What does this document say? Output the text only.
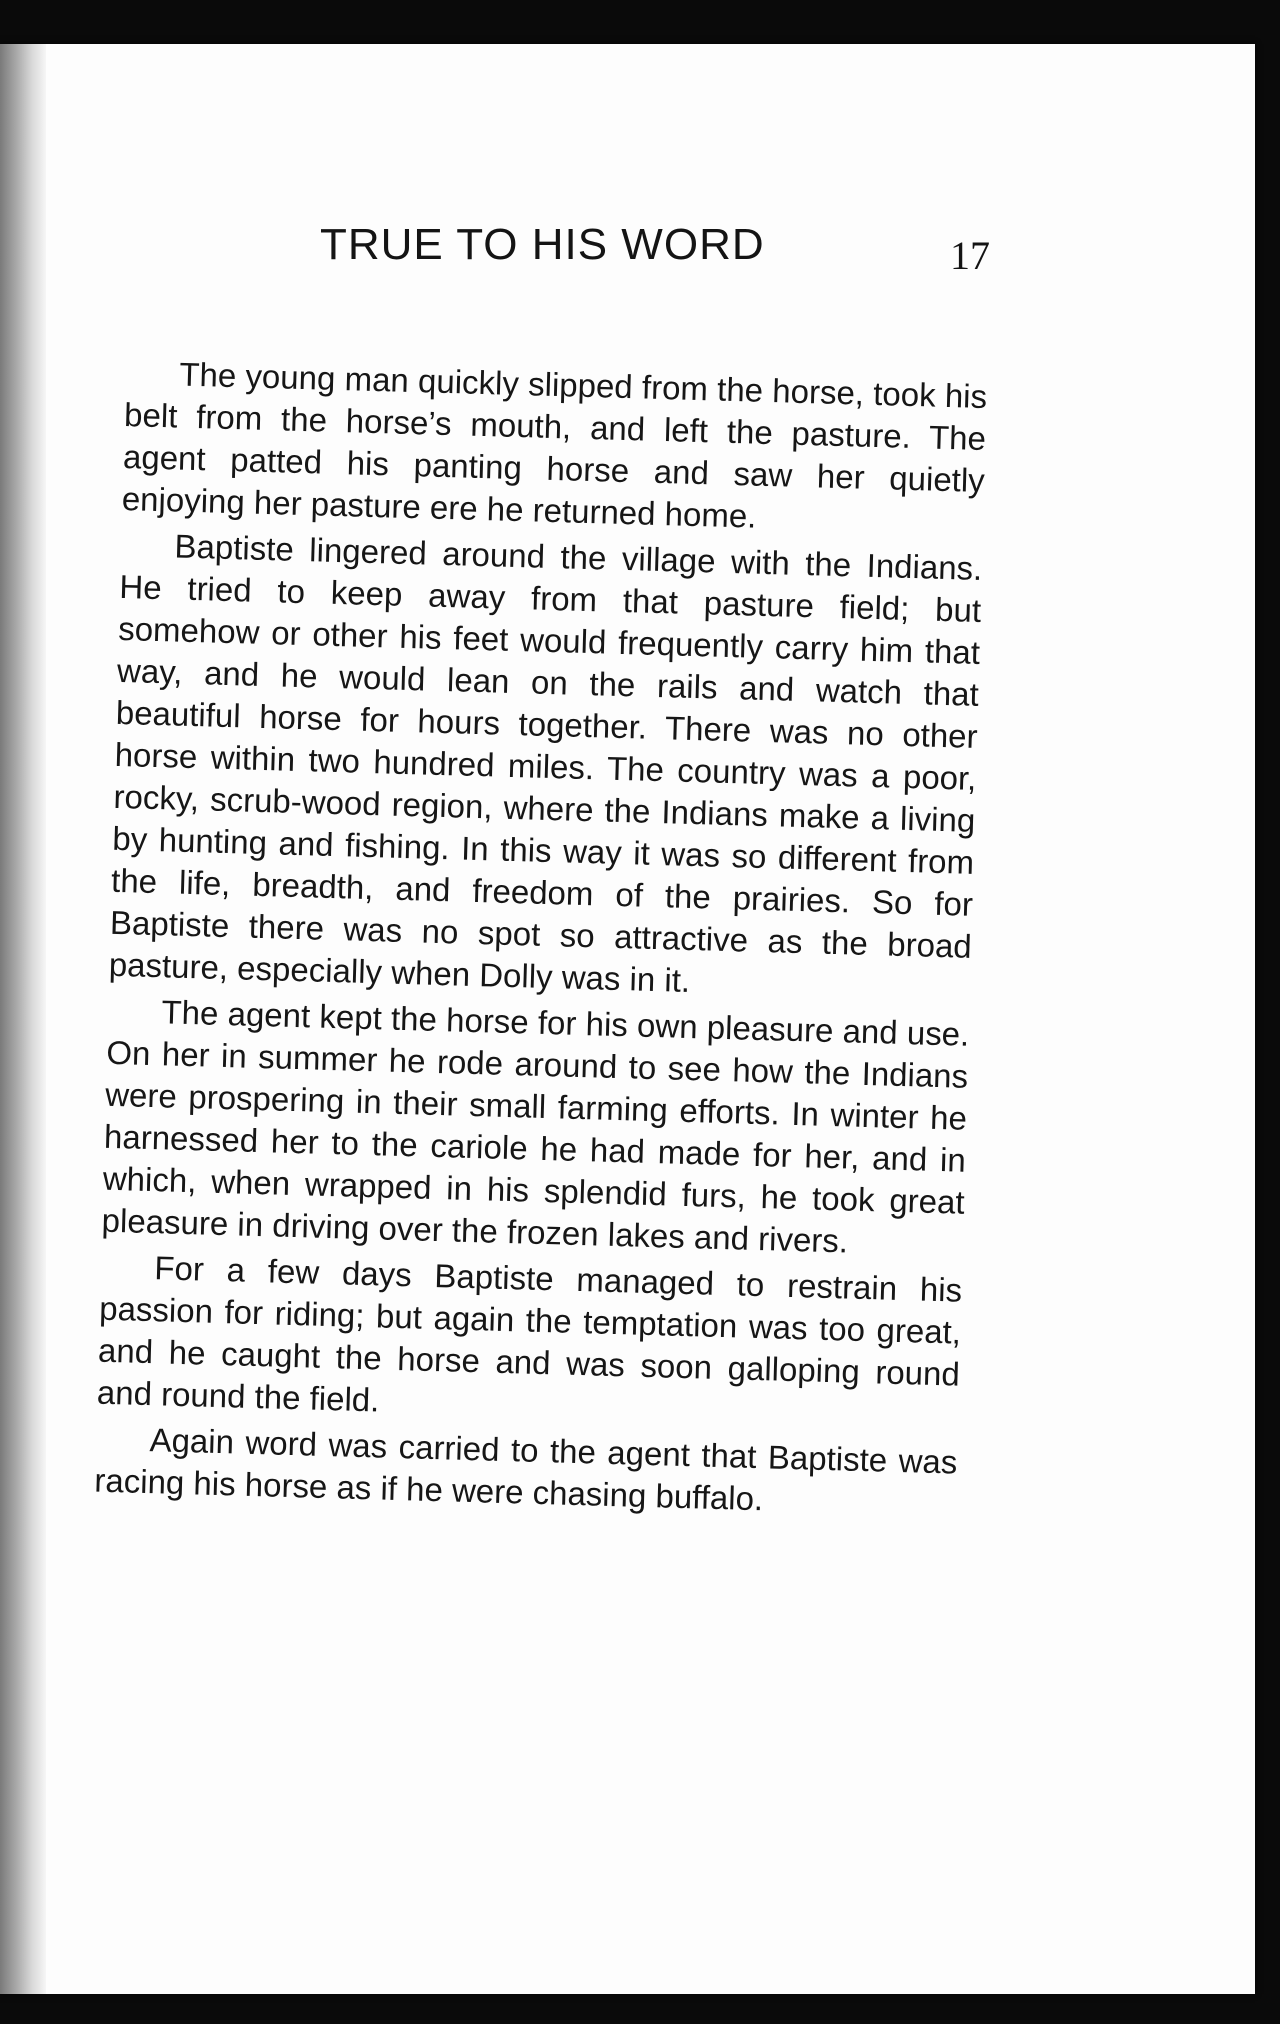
TRUE TO HIS WORD	17

The young man quickly slipped from the horse, took his belt from the horse’s mouth, and left the pasture. The agent patted his panting horse and saw her quietly enjoying her pasture ere he returned home.

Baptiste lingered around the village with the Indians. He tried to keep away from that pasture field; but somehow or other his feet would frequently carry him that way, and he would lean on the rails and watch that beautiful horse for hours together. There was no other horse within two hundred miles. The country was a poor, rocky, scrub-wood region, where the Indians make a living by hunting and fishing. In this way it was so different from the life, breadth, and freedom of the prairies. So for Baptiste there was no spot so attractive as the broad pasture, especially when Dolly was in it.

The agent kept the horse for his own pleasure and use. On her in summer he rode around to see how the Indians were prospering in their small farming efforts. In winter he harnessed her to the cariole he had made for her, and in which, when wrapped in his splendid furs, he took great pleasure in driving over the frozen lakes and rivers.

For a few days Baptiste managed to restrain his passion for riding; but again the temptation was too great, and he caught the horse and was soon galloping round and round the field.

Again word was carried to the agent that Baptiste was racing his horse as if he were chasing buffalo.
